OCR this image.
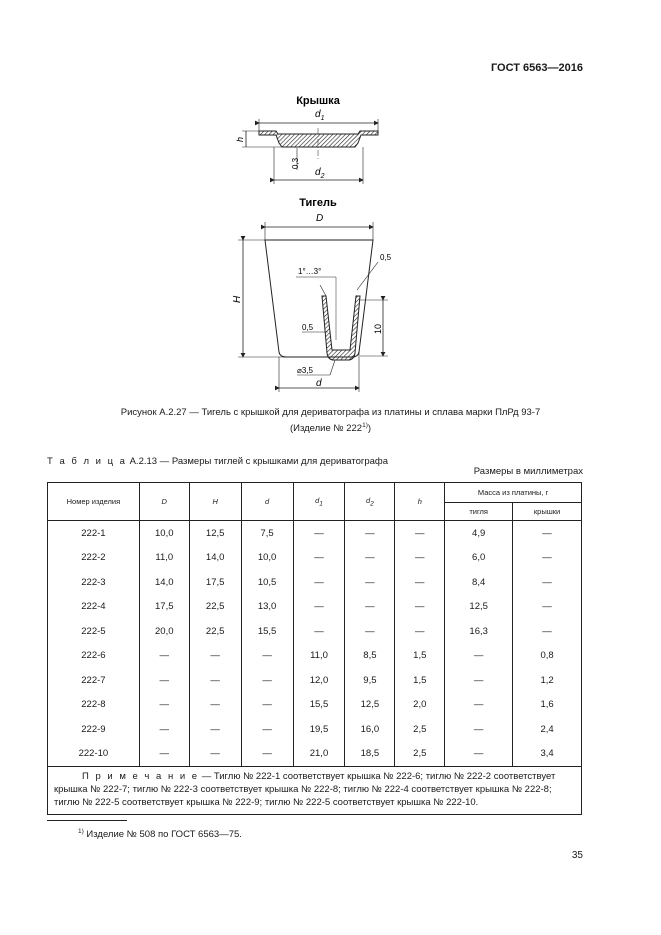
ГОСТ 6563—2016
Крышка
$d_1$
$d_2$
h
0,3
Тигель
D
H
d
1°…3°
0,5
0,5	10
⌀3,5
Рисунок А.2.27 — Тигель с крышкой для дериватографа из платины и сплава марки ПлРд 93-7
(Изделие № 222$^{1)}$)
Т а б л и ц а А.2.13 — Размеры тиглей с крышками для дериватографа
Размеры в миллиметрах
Номер изделия	D	H	d	$d_1$	$d_2$	h	Масса из платины, г	
							тигля	крышки
222-1	10,0	12,5	7,5	—	—	—	4,9	—
222-2	11,0	14,0	10,0	—	—	—	6,0	—
222-3	14,0	17,5	10,5	—	—	—	8,4	—
222-4	17,5	22,5	13,0	—	—	—	12,5	—
222-5	20,0	22,5	15,5	—	—	—	16,3	—
222-6	—	—	—	11,0	8,5	1,5	—	0,8
222-7	—	—	—	12,0	9,5	1,5	—	1,2
222-8	—	—	—	15,5	12,5	2,0	—	1,6
222-9	—	—	—	19,5	16,0	2,5	—	2,4
222-10	—	—	—	21,0	18,5	2,5	—	3,4
П р и м е ч а н и е — Тиглю № 222-1 соответствует крышка № 222-6; тиглю № 222-2 соответствует крышка № 222-7; тиглю № 222-3 соответствует крышка № 222-8; тиглю № 222-4 соответствует крышка № 222-8; тиглю № 222-5 соответствует крышка № 222-9; тиглю № 222-5 соответствует крышка № 222-10.								
$^{1)}$ Изделие № 508 по ГОСТ 6563—75.
35
